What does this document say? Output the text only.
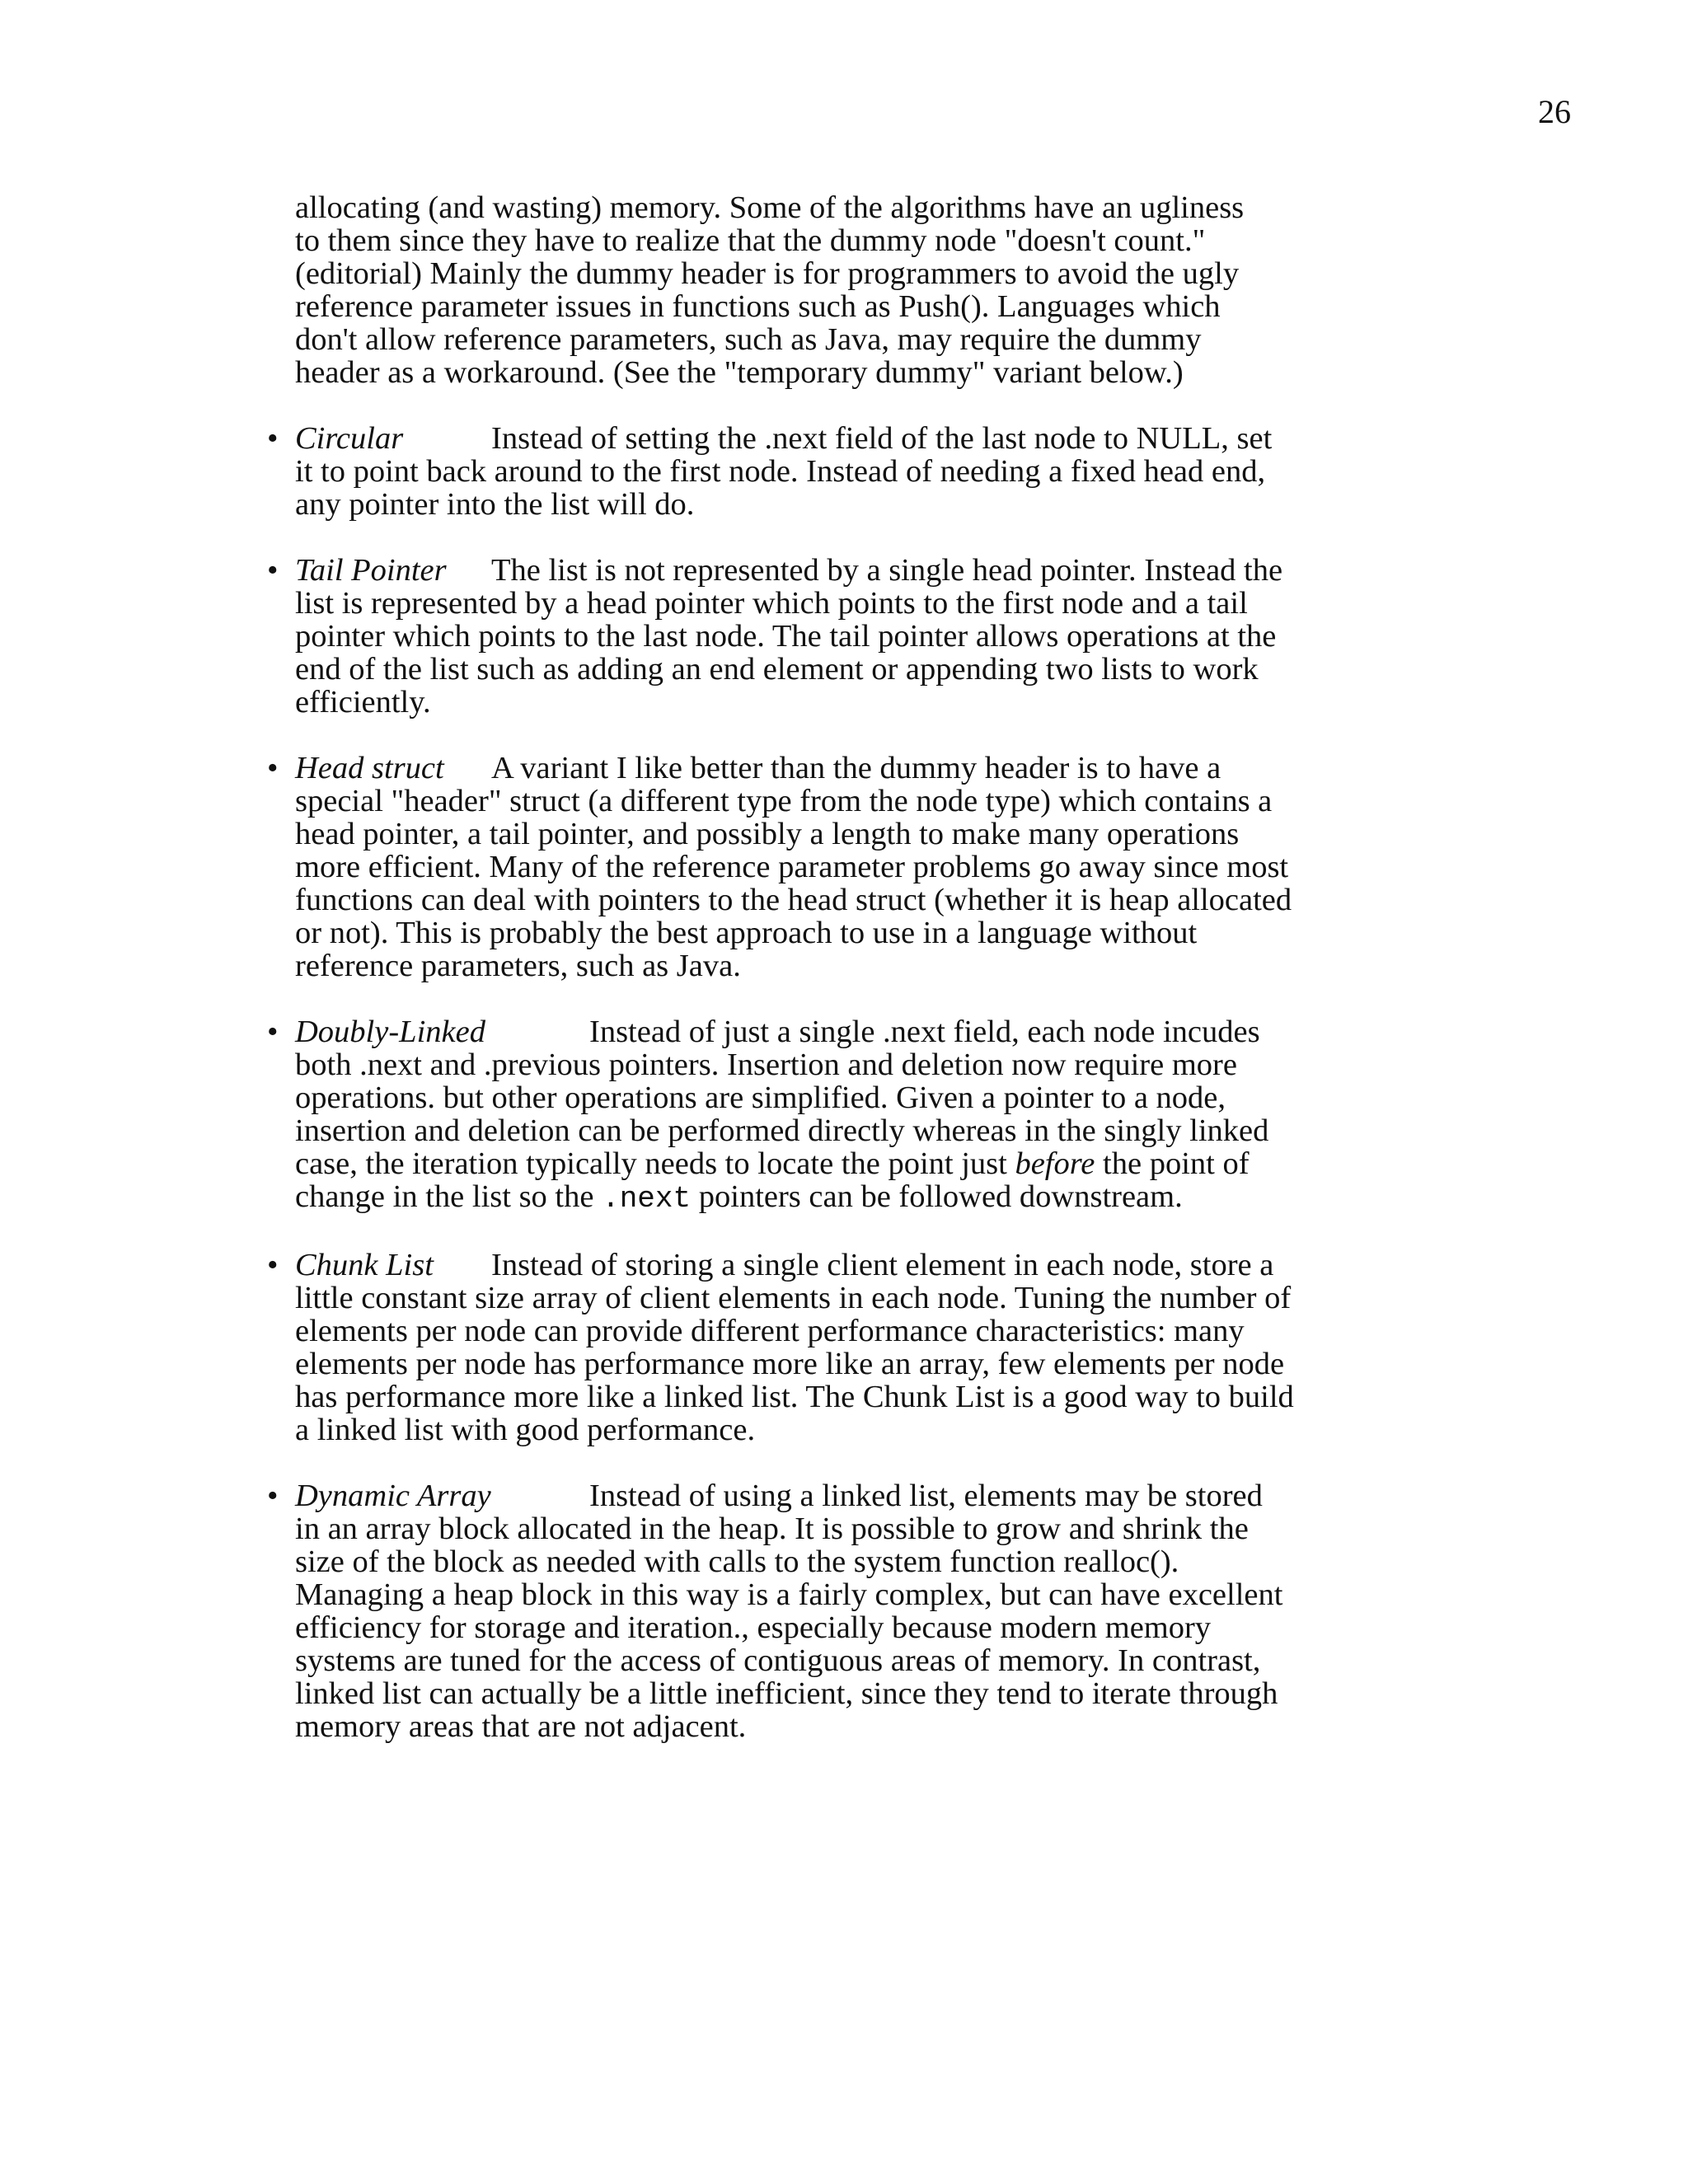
26

allocating (and wasting) memory. Some of the algorithms have an ugliness
to them since they have to realize that the dummy node "doesn't count."
(editorial) Mainly the dummy header is for programmers to avoid the ugly
reference parameter issues in functions such as Push(). Languages which
don't allow reference parameters, such as Java, may require the dummy
header as a workaround. (See the "temporary dummy" variant below.)

• Circular	Instead of setting the .next field of the last node to NULL, set it to point back around to the first node. Instead of needing a fixed head end, any pointer into the list will do.
• Tail Pointer The list is not represented by a single head pointer. Instead the list is represented by a head pointer which points to the first node and a tail pointer which points to the last node. The tail pointer allows operations at the end of the list such as adding an end element or appending two lists to work efficiently.
• Head struct A variant I like better than the dummy header is to have a special "header" struct (a different type from the node type) which contains a head pointer, a tail pointer, and possibly a length to make many operations more efficient. Many of the reference parameter problems go away since most functions can deal with pointers to the head struct (whether it is heap allocated or not). This is probably the best approach to use in a language without reference parameters, such as Java.
• Doubly-Linked	Instead of just a single .next field, each node incudes both .next and .previous pointers. Insertion and deletion now require more operations. but other operations are simplified. Given a pointer to a node, insertion and deletion can be performed directly whereas in the singly linked case, the iteration typically needs to locate the point just before the point of change in the list so the .next pointers can be followed downstream.
• Chunk List Instead of storing a single client element in each node, store a little constant size array of client elements in each node. Tuning the number of elements per node can provide different performance characteristics: many elements per node has performance more like an array, few elements per node has performance more like a linked list. The Chunk List is a good way to build a linked list with good performance.
• Dynamic Array	Instead of using a linked list, elements may be stored in an array block allocated in the heap. It is possible to grow and shrink the size of the block as needed with calls to the system function realloc(). Managing a heap block in this way is a fairly complex, but can have excellent efficiency for storage and iteration., especially because modern memory systems are tuned for the access of contiguous areas of memory. In contrast, linked list can actually be a little inefficient, since they tend to iterate through memory areas that are not adjacent.
